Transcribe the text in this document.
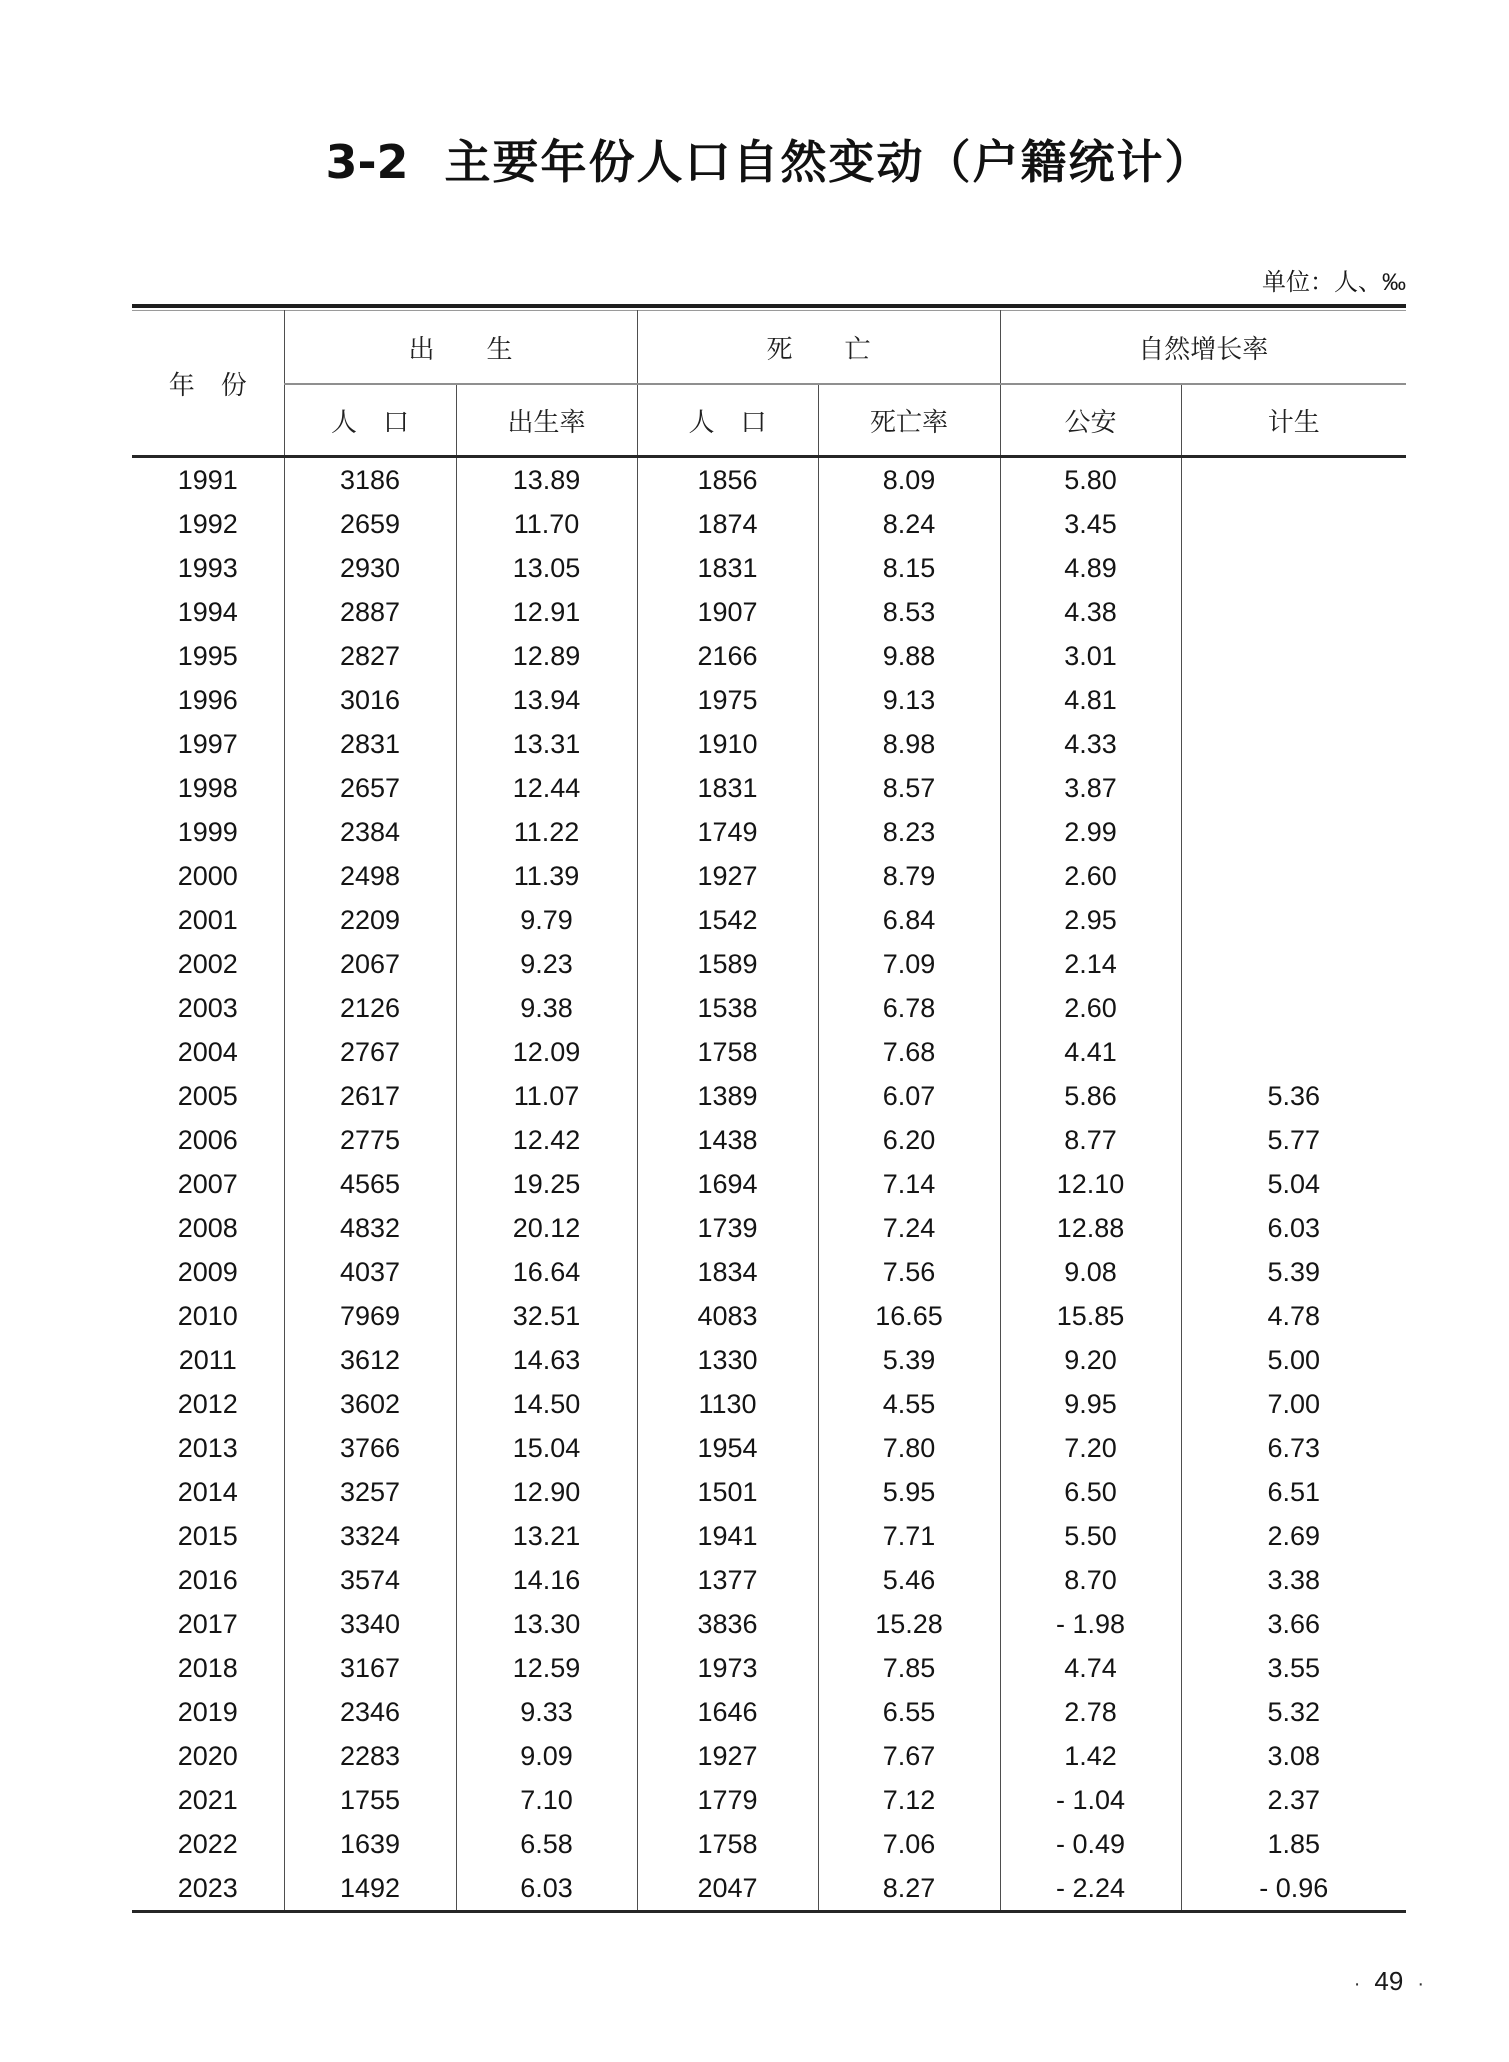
3-2 主要年份人口自然变动（户籍统计）
单位：人、‰
年　份	出　　生		死　　亡		自然增长率	
	人　口	出生率	人　口	死亡率	公安	计生
1991	3186	13.89	1856	8.09	5.80	
1992	2659	11.70	1874	8.24	3.45	
1993	2930	13.05	1831	8.15	4.89	
1994	2887	12.91	1907	8.53	4.38	
1995	2827	12.89	2166	9.88	3.01	
1996	3016	13.94	1975	9.13	4.81	
1997	2831	13.31	1910	8.98	4.33	
1998	2657	12.44	1831	8.57	3.87	
1999	2384	11.22	1749	8.23	2.99	
2000	2498	11.39	1927	8.79	2.60	
2001	2209	9.79	1542	6.84	2.95	
2002	2067	9.23	1589	7.09	2.14	
2003	2126	9.38	1538	6.78	2.60	
2004	2767	12.09	1758	7.68	4.41	
2005	2617	11.07	1389	6.07	5.86	5.36
2006	2775	12.42	1438	6.20	8.77	5.77
2007	4565	19.25	1694	7.14	12.10	5.04
2008	4832	20.12	1739	7.24	12.88	6.03
2009	4037	16.64	1834	7.56	9.08	5.39
2010	7969	32.51	4083	16.65	15.85	4.78
2011	3612	14.63	1330	5.39	9.20	5.00
2012	3602	14.50	1130	4.55	9.95	7.00
2013	3766	15.04	1954	7.80	7.20	6.73
2014	3257	12.90	1501	5.95	6.50	6.51
2015	3324	13.21	1941	7.71	5.50	2.69
2016	3574	14.16	1377	5.46	8.70	3.38
2017	3340	13.30	3836	15.28	- 1.98	3.66
2018	3167	12.59	1973	7.85	4.74	3.55
2019	2346	9.33	1646	6.55	2.78	5.32
2020	2283	9.09	1927	7.67	1.42	3.08
2021	1755	7.10	1779	7.12	- 1.04	2.37
2022	1639	6.58	1758	7.06	- 0.49	1.85
2023	1492	6.03	2047	8.27	- 2.24	- 0.96
· 49 ·
